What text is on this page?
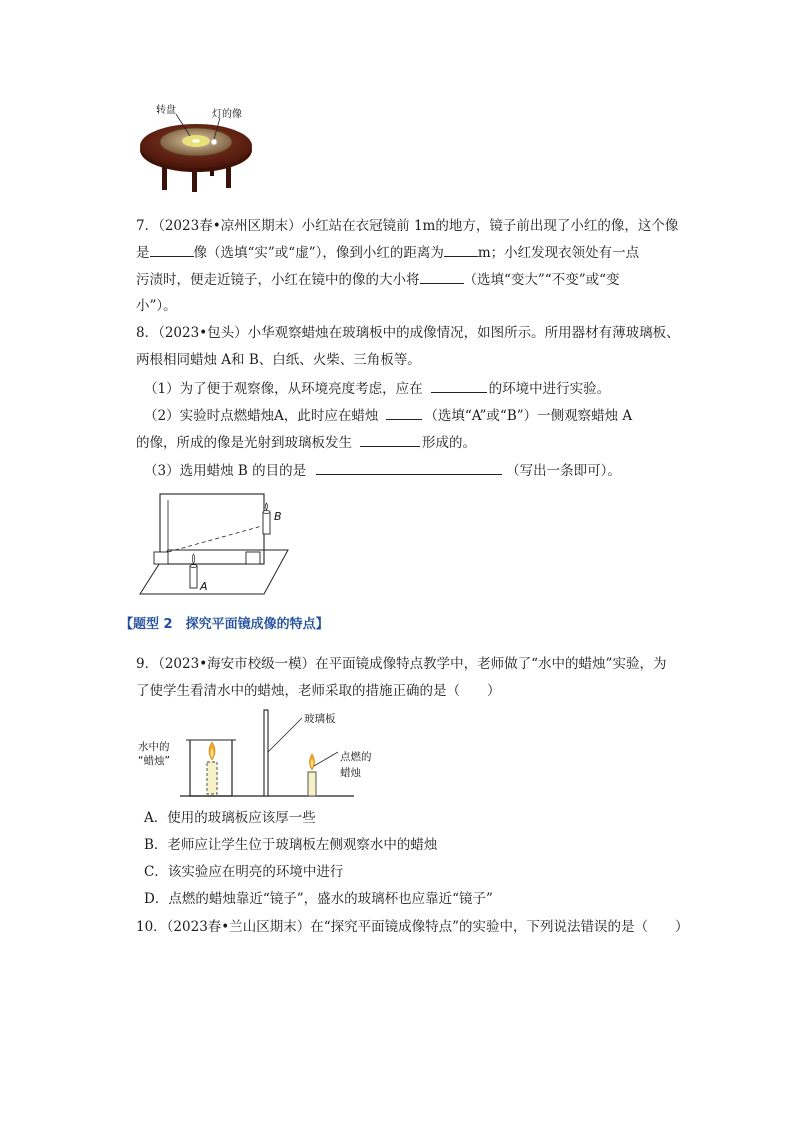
转盘	灯的像
7．（2023春•凉州区期末）小红站在衣冠镜前 1m的地方，镜子前出现了小红的像，这个像
是	像（选填“实”或“虚”），像到小红的距离为	m；小红发现衣领处有一点
污渍时，便走近镜子，小红在镜中的像的大小将	（选填“变大”“不变”或“变
小”）。
8．（2023•包头）小华观察蜡烛在玻璃板中的成像情况，如图所示。所用器材有薄玻璃板、
两根相同蜡烛 A和 B、白纸、火柴、三角板等。
（1）为了便于观察像，从环境亮度考虑，应在	的环境中进行实验。
（2）实验时点燃蜡烛A，此时应在蜡烛	（选填“A”或“B”）一侧观察蜡烛 A
的像，所成的像是光射到玻璃板发生	形成的。
（3）选用蜡烛 B 的目的是	（写出一条即可）。
A
B
【题型 2　探究平面镜成像的特点】
9．（2023•海安市校级一模）在平面镜成像特点教学中，老师做了“水中的蜡烛”实验，为
了使学生看清水中的蜡烛，老师采取的措施正确的是（　　）
玻璃板
水中的
“蜡烛”	点燃的
蜡烛
A．使用的玻璃板应该厚一些
B．老师应让学生位于玻璃板左侧观察水中的蜡烛
C．该实验应在明亮的环境中进行
D．点燃的蜡烛靠近“镜子”，盛水的玻璃杯也应靠近“镜子”
10．（2023春•兰山区期末）在“探究平面镜成像特点”的实验中，下列说法错误的是（　　）
